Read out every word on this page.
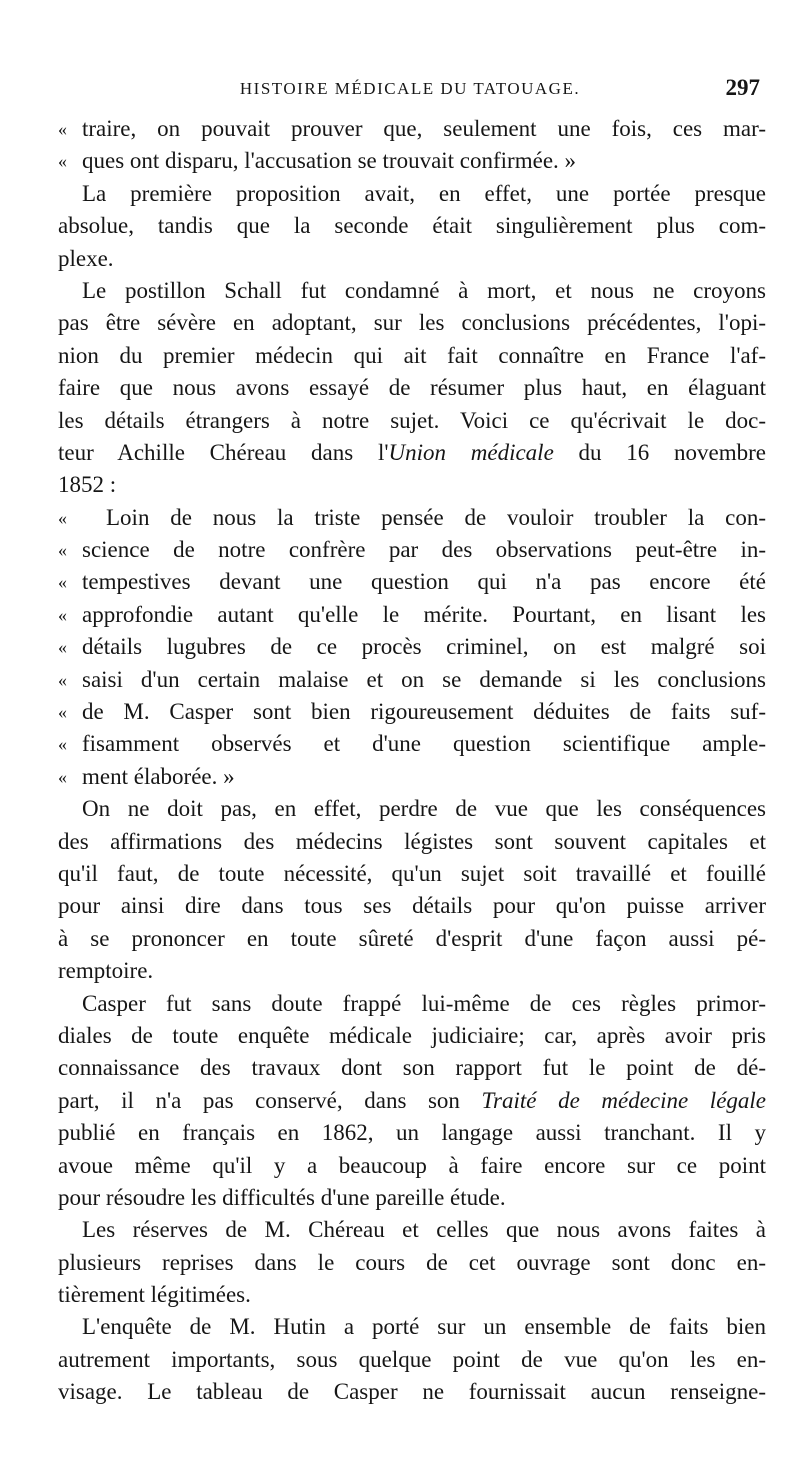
HISTOIRE MÉDICALE DU TATOUAGE.	297
« traire, on pouvait prouver que, seulement une fois, ces mar-
« ques ont disparu, l'accusation se trouvait confirmée. »
La première proposition avait, en effet, une portée presque
absolue, tandis que la seconde était singulièrement plus com-
plexe.
Le postillon Schall fut condamné à mort, et nous ne croyons
pas être sévère en adoptant, sur les conclusions précédentes, l'opi-
nion du premier médecin qui ait fait connaître en France l'af-
faire que nous avons essayé de résumer plus haut, en élaguant
les détails étrangers à notre sujet. Voici ce qu'écrivait le doc-
teur Achille Chéreau dans l'Union médicale du 16 novembre
1852 :
«	Loin de nous la triste pensée de vouloir troubler la con-
« science de notre confrère par des observations peut-être in-
« tempestives devant une question qui n'a pas encore été
« approfondie autant qu'elle le mérite. Pourtant, en lisant les
« détails lugubres de ce procès criminel, on est malgré soi
« saisi d'un certain malaise et on se demande si les conclusions
« de M. Casper sont bien rigoureusement déduites de faits suf-
« fisamment observés et d'une question scientifique ample-
« ment élaborée. »
On ne doit pas, en effet, perdre de vue que les conséquences
des affirmations des médecins légistes sont souvent capitales et
qu'il faut, de toute nécessité, qu'un sujet soit travaillé et fouillé
pour ainsi dire dans tous ses détails pour qu'on puisse arriver
à se prononcer en toute sûreté d'esprit d'une façon aussi pé-
remptoire.
Casper fut sans doute frappé lui-même de ces règles primor-
diales de toute enquête médicale judiciaire; car, après avoir pris
connaissance des travaux dont son rapport fut le point de dé-
part, il n'a pas conservé, dans son Traité de médecine légale
publié en français en 1862, un langage aussi tranchant. Il y
avoue même qu'il y a beaucoup à faire encore sur ce point
pour résoudre les difficultés d'une pareille étude.
Les réserves de M. Chéreau et celles que nous avons faites à
plusieurs reprises dans le cours de cet ouvrage sont donc en-
tièrement légitimées.
L'enquête de M. Hutin a porté sur un ensemble de faits bien
autrement importants, sous quelque point de vue qu'on les en-
visage. Le tableau de Casper ne fournissait aucun renseigne-
